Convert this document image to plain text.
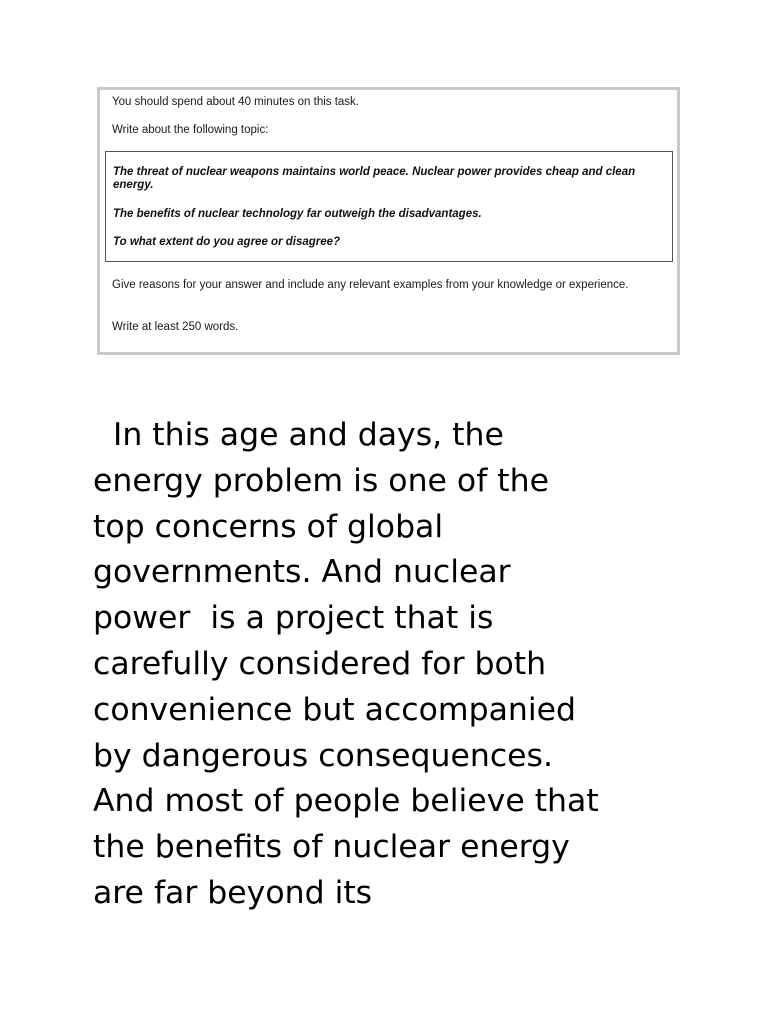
You should spend about 40 minutes on this task.
Write about the following topic:
The threat of nuclear weapons maintains world peace. Nuclear power provides cheap and clean energy.
The benefits of nuclear technology far outweigh the disadvantages.
To what extent do you agree or disagree?
Give reasons for your answer and include any relevant examples from your knowledge or experience.
Write at least 250 words.
In this age and days, the
energy problem is one of the
top concerns of global
governments. And nuclear
power  is a project that is
carefully considered for both
convenience but accompanied
by dangerous consequences.
And most of people believe that
the benefits of nuclear energy
are far beyond its
